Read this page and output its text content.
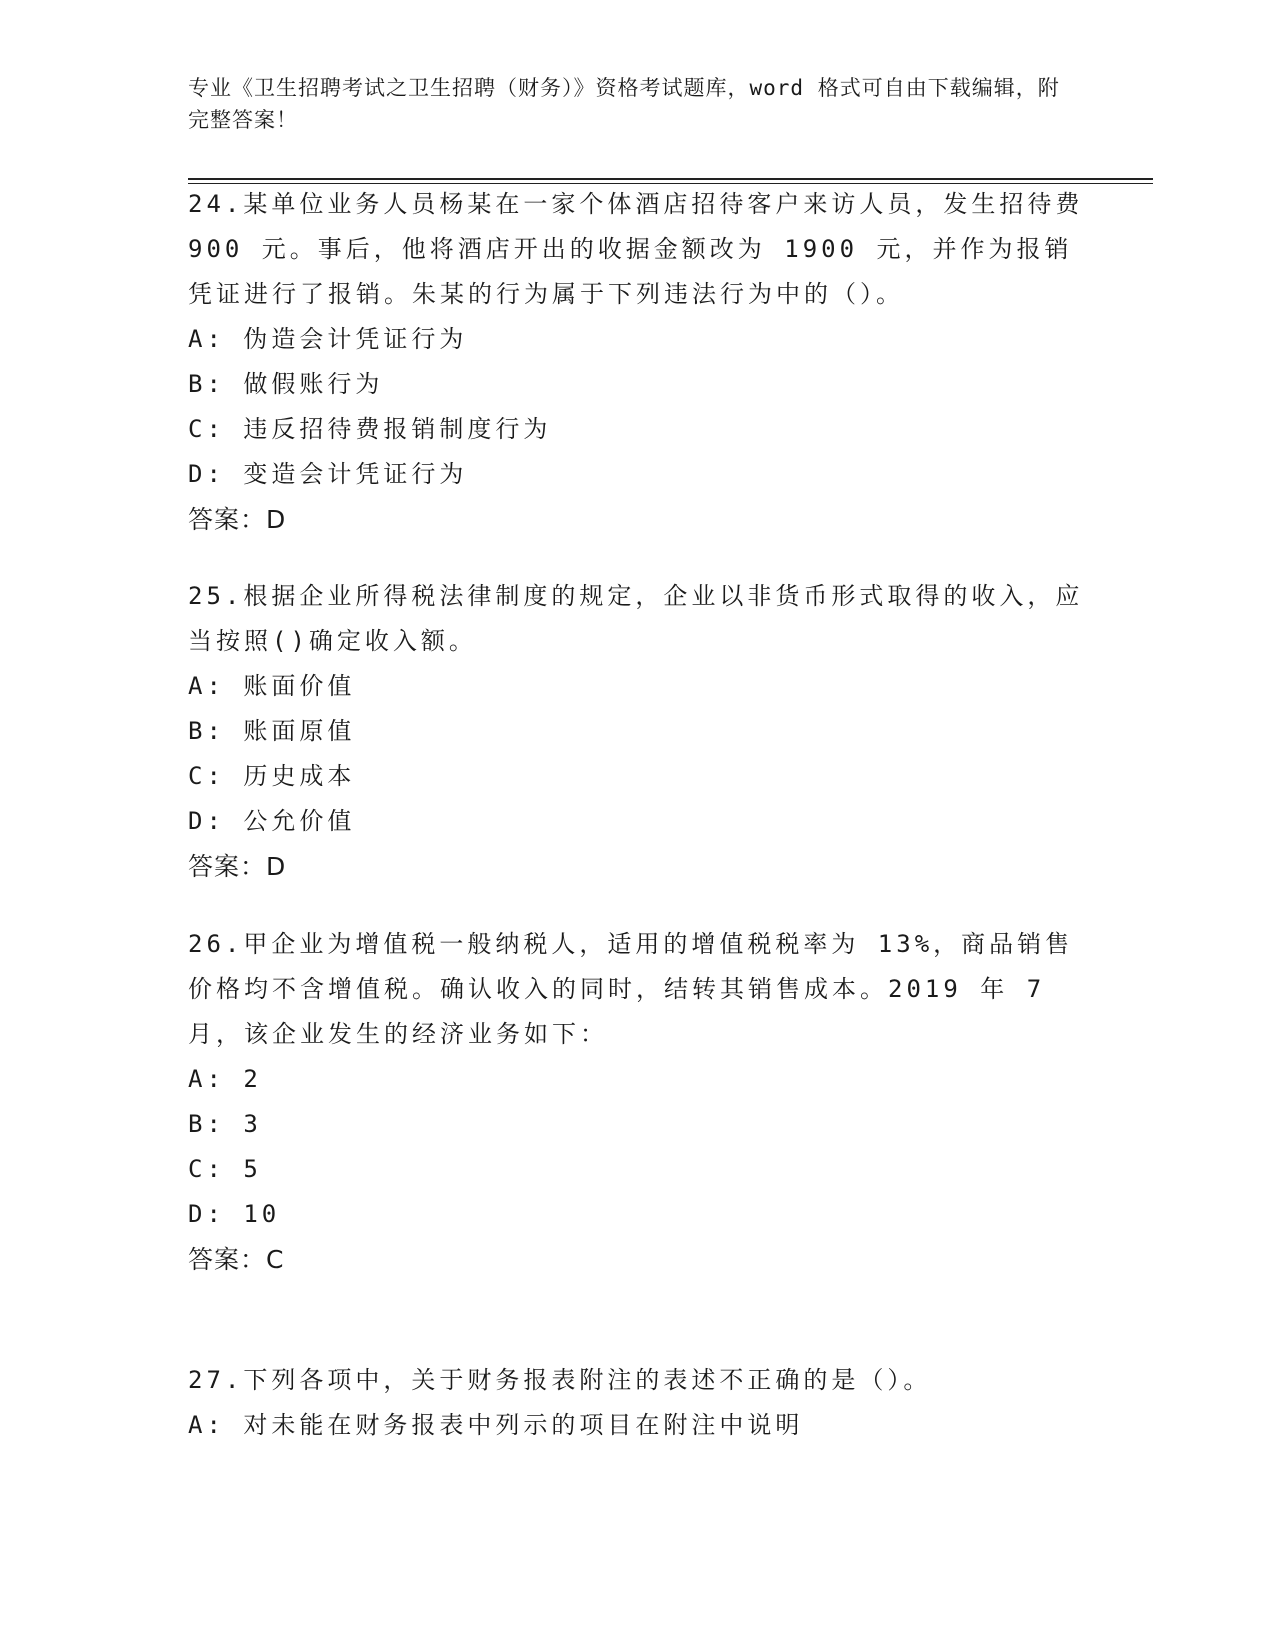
专业《卫生招聘考试之卫生招聘（财务）》资格考试题库，word 格式可自由下载编辑，附完整答案！

24.某单位业务人员杨某在一家个体酒店招待客户来访人员，发生招待费 900 元。事后，他将酒店开出的收据金额改为 1900 元，并作为报销凭证进行了报销。朱某的行为属于下列违法行为中的（）。

A: 伪造会计凭证行为
B: 做假账行为
C: 违反招待费报销制度行为
D: 变造会计凭证行为
答案：D

25.根据企业所得税法律制度的规定，企业以非货币形式取得的收入，应当按照()确定收入额。

A: 账面价值
B: 账面原值
C: 历史成本
D: 公允价值
答案：D

26.甲企业为增值税一般纳税人，适用的增值税税率为 13%，商品销售价格均不含增值税。确认收入的同时，结转其销售成本。2019 年 7 月，该企业发生的经济业务如下：

A: 2
B: 3
C: 5
D: 10
答案：C

27.下列各项中，关于财务报表附注的表述不正确的是（）。

A: 对未能在财务报表中列示的项目在附注中说明
